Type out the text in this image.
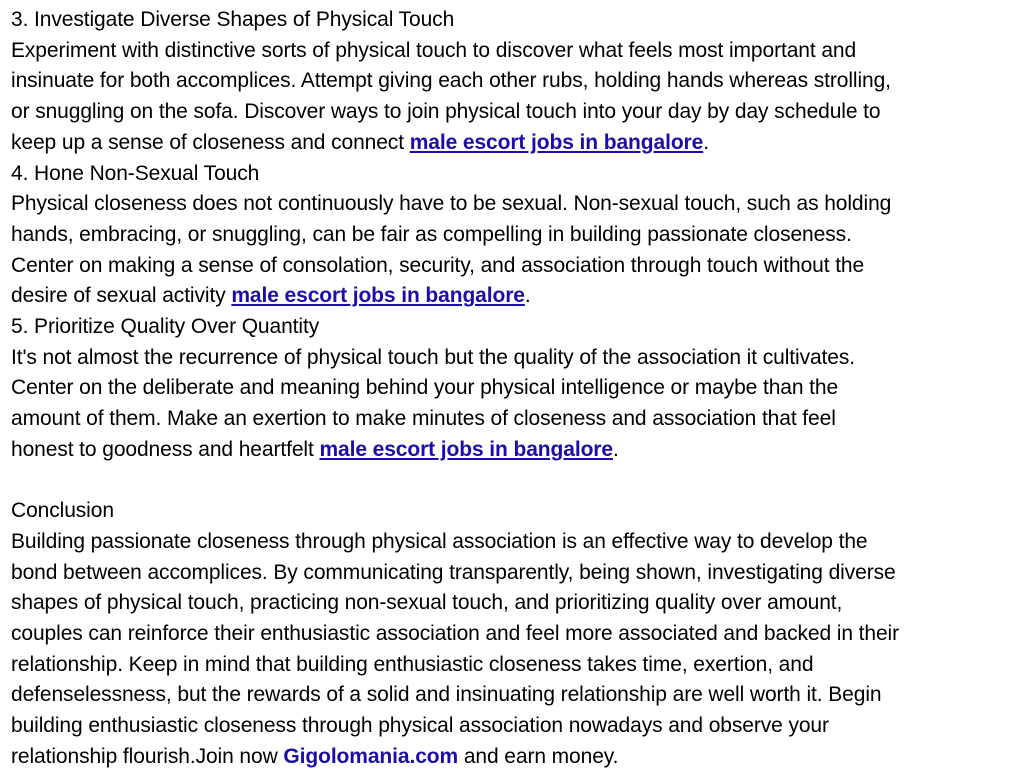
3. Investigate Diverse Shapes of Physical Touch
Experiment with distinctive sorts of physical touch to discover what feels most important and
insinuate for both accomplices. Attempt giving each other rubs, holding hands whereas strolling,
or snuggling on the sofa. Discover ways to join physical touch into your day by day schedule to
keep up a sense of closeness and connect male escort jobs in bangalore.
4. Hone Non-Sexual Touch
Physical closeness does not continuously have to be sexual. Non-sexual touch, such as holding
hands, embracing, or snuggling, can be fair as compelling in building passionate closeness.
Center on making a sense of consolation, security, and association through touch without the
desire of sexual activity male escort jobs in bangalore.
5. Prioritize Quality Over Quantity
It's not almost the recurrence of physical touch but the quality of the association it cultivates.
Center on the deliberate and meaning behind your physical intelligence or maybe than the
amount of them. Make an exertion to make minutes of closeness and association that feel
honest to goodness and heartfelt male escort jobs in bangalore.
Conclusion
Building passionate closeness through physical association is an effective way to develop the
bond between accomplices. By communicating transparently, being shown, investigating diverse
shapes of physical touch, practicing non-sexual touch, and prioritizing quality over amount,
couples can reinforce their enthusiastic association and feel more associated and backed in their
relationship. Keep in mind that building enthusiastic closeness takes time, exertion, and
defenselessness, but the rewards of a solid and insinuating relationship are well worth it. Begin
building enthusiastic closeness through physical association nowadays and observe your
relationship flourish.Join now Gigolomania.com and earn money.
